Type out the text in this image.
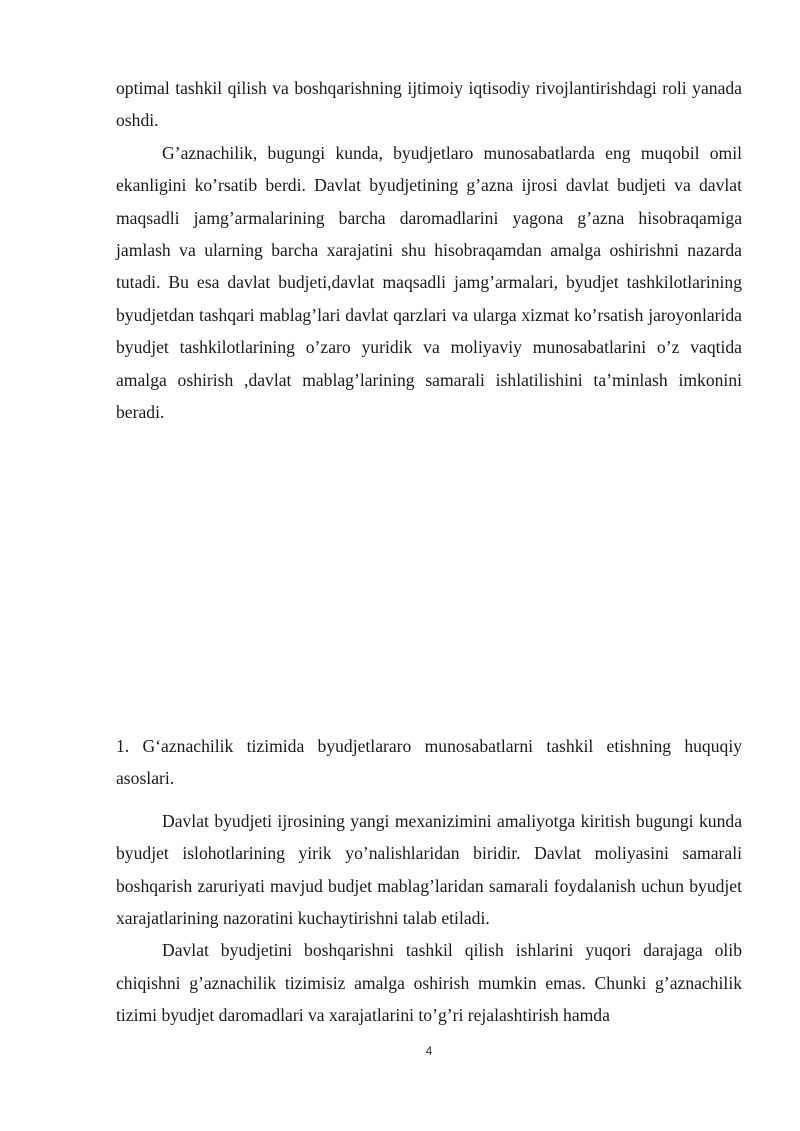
optimal tashkil qilish va boshqarishning ijtimoiy iqtisodiy rivojlantirishdagi roli yanada oshdi.

G’aznachilik, bugungi kunda, byudjetlaro munosabatlarda eng muqobil omil ekanligini ko’rsatib berdi. Davlat byudjetining g’azna ijrosi davlat budjeti va davlat maqsadli jamg’armalarining barcha daromadlarini yagona g’azna hisobraqamiga jamlash va ularning barcha xarajatini shu hisobraqamdan amalga oshirishni nazarda tutadi. Bu esa davlat budjeti,davlat maqsadli jamg’armalari, byudjet tashkilotlarining byudjetdan tashqari mablag’lari davlat qarzlari va ularga xizmat ko’rsatish jaroyonlarida byudjet tashkilotlarining o’zaro yuridik va moliyaviy munosabatlarini o’z vaqtida amalga oshirish ,davlat mablag’larining samarali ishlatilishini ta’minlash imkonini beradi.

1. G‘aznachilik tizimida byudjetlararo munosabatlarni tashkil etishning huquqiy asoslari.

Davlat byudjeti ijrosining yangi mexanizimini amaliyotga kiritish bugungi kunda byudjet islohotlarining yirik yo’nalishlaridan biridir. Davlat moliyasini samarali boshqarish zaruriyati mavjud budjet mablag’laridan samarali foydalanish uchun byudjet xarajatlarining nazoratini kuchaytirishni talab etiladi.

Davlat byudjetini boshqarishni tashkil qilish ishlarini yuqori darajaga olib chiqishni g’aznachilik tizimisiz amalga oshirish mumkin emas. Chunki g’aznachilik tizimi byudjet daromadlari va xarajatlarini to’g’ri rejalashtirish hamda

4
